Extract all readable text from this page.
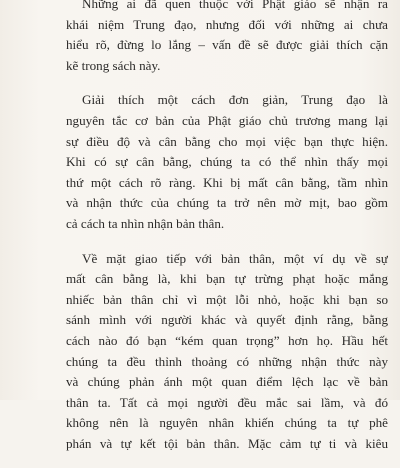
Những ai đã quen thuộc với Phật giáo sẽ nhận ra
khái niệm Trung đạo, nhưng đối với những ai chưa
hiểu rõ, đừng lo lắng – vấn đề sẽ được giải thích cặn
kẽ trong sách này.

Giải thích một cách đơn giản, Trung đạo là
nguyên tắc cơ bản của Phật giáo chủ trương mang lại
sự điều độ và cân bằng cho mọi việc bạn thực hiện.
Khi có sự cân bằng, chúng ta có thể nhìn thấy mọi
thứ một cách rõ ràng. Khi bị mất cân bằng, tầm nhìn
và nhận thức của chúng ta trở nên mờ mịt, bao gồm
cả cách ta nhìn nhận bản thân.

Về mặt giao tiếp với bản thân, một ví dụ về sự
mất cân bằng là, khi bạn tự trừng phạt hoặc mắng
nhiếc bản thân chỉ vì một lỗi nhỏ, hoặc khi bạn so
sánh mình với người khác và quyết định rằng, bằng
cách nào đó bạn “kém quan trọng” hơn họ. Hầu hết
chúng ta đều thỉnh thoảng có những nhận thức này
và chúng phản ánh một quan điểm lệch lạc về bản
thân ta. Tất cả mọi người đều mắc sai lầm, và đó
không nên là nguyên nhân khiến chúng ta tự phê
phán và tự kết tội bản thân. Mặc cảm tự ti và kiêu
